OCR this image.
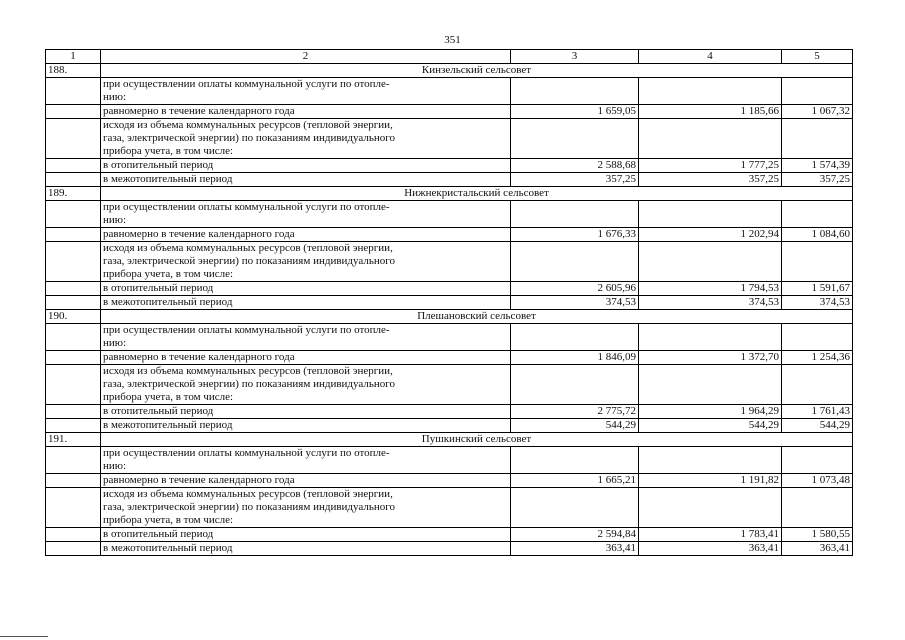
351
1	2	3	4	5
188.	Кинзельский сельсовет			
	при осуществлении оплаты коммунальной услуги по отопле-
нию:			
	равномерно в течение календарного года	1 659,05	1 185,66	1 067,32
	исходя из объема коммунальных ресурсов (тепловой энергии,
газа, электрической энергии) по показаниям индивидуального
прибора учета, в том числе:			
	в отопительный период	2 588,68	1 777,25	1 574,39
	в межотопительный период	357,25	357,25	357,25
189.	Нижнекристальский сельсовет			
	при осуществлении оплаты коммунальной услуги по отопле-
нию:			
	равномерно в течение календарного года	1 676,33	1 202,94	1 084,60
	исходя из объема коммунальных ресурсов (тепловой энергии,
газа, электрической энергии) по показаниям индивидуального
прибора учета, в том числе:			
	в отопительный период	2 605,96	1 794,53	1 591,67
	в межотопительный период	374,53	374,53	374,53
190.	Плешановский сельсовет			
	при осуществлении оплаты коммунальной услуги по отопле-
нию:			
	равномерно в течение календарного года	1 846,09	1 372,70	1 254,36
	исходя из объема коммунальных ресурсов (тепловой энергии,
газа, электрической энергии) по показаниям индивидуального
прибора учета, в том числе:			
	в отопительный период	2 775,72	1 964,29	1 761,43
	в межотопительный период	544,29	544,29	544,29
191.	Пушкинский сельсовет			
	при осуществлении оплаты коммунальной услуги по отопле-
нию:			
	равномерно в течение календарного года	1 665,21	1 191,82	1 073,48
	исходя из объема коммунальных ресурсов (тепловой энергии,
газа, электрической энергии) по показаниям индивидуального
прибора учета, в том числе:			
	в отопительный период	2 594,84	1 783,41	1 580,55
	в межотопительный период	363,41	363,41	363,41
